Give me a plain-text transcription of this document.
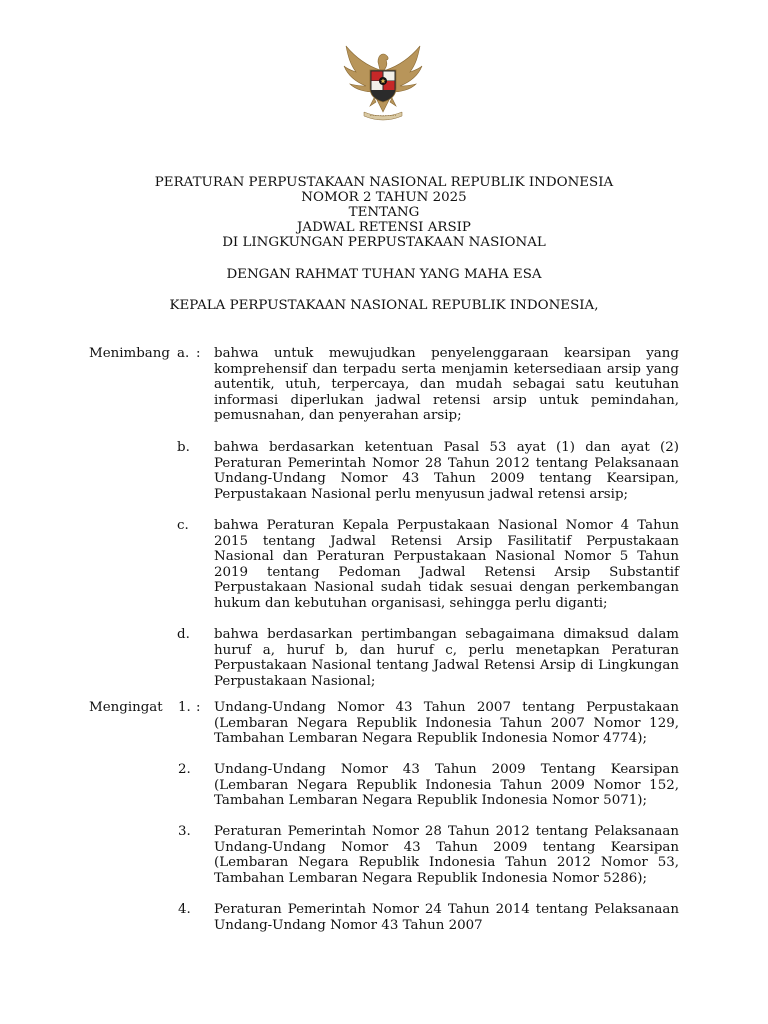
PERATURAN PERPUSTAKAAN NASIONAL REPUBLIK INDONESIA
NOMOR 2 TAHUN 2025
TENTANG
JADWAL RETENSI ARSIP
DI LINGKUNGAN PERPUSTAKAAN NASIONAL
DENGAN RAHMAT TUHAN YANG MAHA ESA
KEPALA PERPUSTAKAAN NASIONAL REPUBLIK INDONESIA,
Menimbang :
a. bahwa untuk mewujudkan penyelenggaraan kearsipan yang komprehensif dan terpadu serta menjamin ketersediaan arsip yang autentik, utuh, terpercaya, dan mudah sebagai satu keutuhan informasi diperlukan jadwal retensi arsip untuk pemindahan, pemusnahan, dan penyerahan arsip;

b. bahwa berdasarkan ketentuan Pasal 53 ayat (1) dan ayat (2) Peraturan Pemerintah Nomor 28 Tahun 2012 tentang Pelaksanaan Undang-Undang Nomor 43 Tahun 2009 tentang Kearsipan, Perpustakaan Nasional perlu menyusun jadwal retensi arsip;

c. bahwa Peraturan Kepala Perpustakaan Nasional Nomor 4 Tahun 2015 tentang Jadwal Retensi Arsip Fasilitatif Perpustakaan Nasional dan Peraturan Perpustakaan Nasional Nomor 5 Tahun 2019 tentang Pedoman Jadwal Retensi Arsip Substantif Perpustakaan Nasional sudah tidak sesuai dengan perkembangan hukum dan kebutuhan organisasi, sehingga perlu diganti;

d. bahwa berdasarkan pertimbangan sebagaimana dimaksud dalam huruf a, huruf b, dan huruf c, perlu menetapkan Peraturan Perpustakaan Nasional tentang Jadwal Retensi Arsip di Lingkungan Perpustakaan Nasional;

Mengingat :
1. Undang-Undang Nomor 43 Tahun 2007 tentang Perpustakaan (Lembaran Negara Republik Indonesia Tahun 2007 Nomor 129, Tambahan Lembaran Negara Republik Indonesia Nomor 4774);

2. Undang-Undang Nomor 43 Tahun 2009 Tentang Kearsipan (Lembaran Negara Republik Indonesia Tahun 2009 Nomor 152, Tambahan Lembaran Negara Republik Indonesia Nomor 5071);

3. Peraturan Pemerintah Nomor 28 Tahun 2012 tentang Pelaksanaan Undang-Undang Nomor 43 Tahun 2009 tentang Kearsipan (Lembaran Negara Republik Indonesia Tahun 2012 Nomor 53, Tambahan Lembaran Negara Republik Indonesia Nomor 5286);

4. Peraturan Pemerintah Nomor 24 Tahun 2014 tentang Pelaksanaan Undang-Undang Nomor 43 Tahun 2007
